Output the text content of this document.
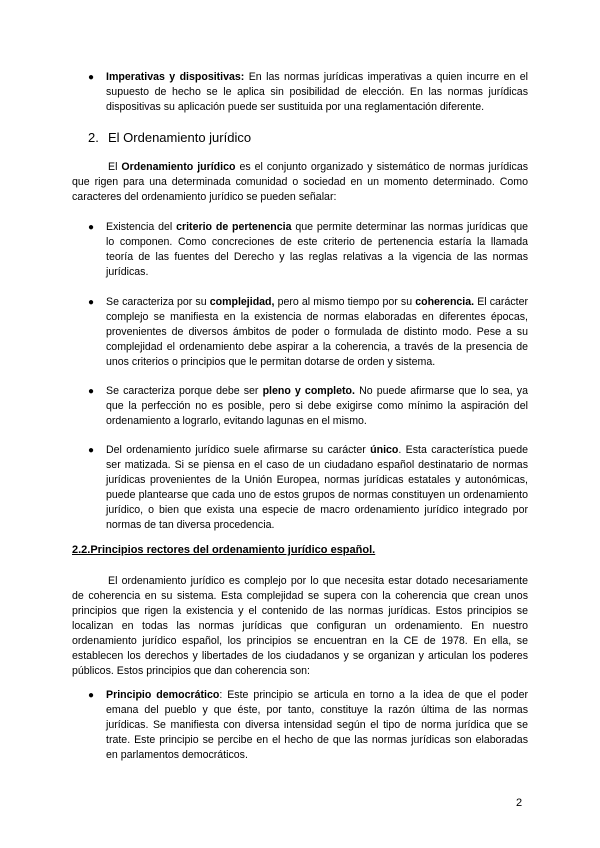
●	Imperativas y dispositivas: En las normas jurídicas imperativas a quien incurre en el supuesto de hecho se le aplica sin posibilidad de elección. En las normas jurídicas dispositivas su aplicación puede ser sustituida por una reglamentación diferente.
2. El Ordenamiento jurídico
El Ordenamiento jurídico es el conjunto organizado y sistemático de normas jurídicas que rigen para una determinada comunidad o sociedad en un momento determinado. Como caracteres del ordenamiento jurídico se pueden señalar:
●	Existencia del criterio de pertenencia que permite determinar las normas jurídicas que lo componen. Como concreciones de este criterio de pertenencia estaría la llamada teoría de las fuentes del Derecho y las reglas relativas a la vigencia de las normas jurídicas.
●	Se caracteriza por su complejidad, pero al mismo tiempo por su coherencia. El carácter complejo se manifiesta en la existencia de normas elaboradas en diferentes épocas, provenientes de diversos ámbitos de poder o formulada de distinto modo. Pese a su complejidad el ordenamiento debe aspirar a la coherencia, a través de la presencia de unos criterios o principios que le permitan dotarse de orden y sistema.
●	Se caracteriza porque debe ser pleno y completo. No puede afirmarse que lo sea, ya que la perfección no es posible, pero si debe exigirse como mínimo la aspiración del ordenamiento a lograrlo, evitando lagunas en el mismo.
●	Del ordenamiento jurídico suele afirmarse su carácter único. Esta característica puede ser matizada. Si se piensa en el caso de un ciudadano español destinatario de normas jurídicas provenientes de la Unión Europea, normas jurídicas estatales y autonómicas, puede plantearse que cada uno de estos grupos de normas constituyen un ordenamiento jurídico, o bien que exista una especie de macro ordenamiento jurídico integrado por normas de tan diversa procedencia.
2.2.Principios rectores del ordenamiento jurídico español.
El ordenamiento jurídico es complejo por lo que necesita estar dotado necesariamente de coherencia en su sistema. Esta complejidad se supera con la coherencia que crean unos principios que rigen la existencia y el contenido de las normas jurídicas. Estos principios se localizan en todas las normas jurídicas que configuran un ordenamiento. En nuestro ordenamiento jurídico español, los principios se encuentran en la CE de 1978. En ella, se establecen los derechos y libertades de los ciudadanos y se organizan y articulan los poderes públicos. Estos principios que dan coherencia son:
●	Principio democrático: Este principio se articula en torno a la idea de que el poder emana del pueblo y que éste, por tanto, constituye la razón última de las normas jurídicas. Se manifiesta con diversa intensidad según el tipo de norma jurídica que se trate. Este principio se percibe en el hecho de que las normas jurídicas son elaboradas en parlamentos democráticos.
2
